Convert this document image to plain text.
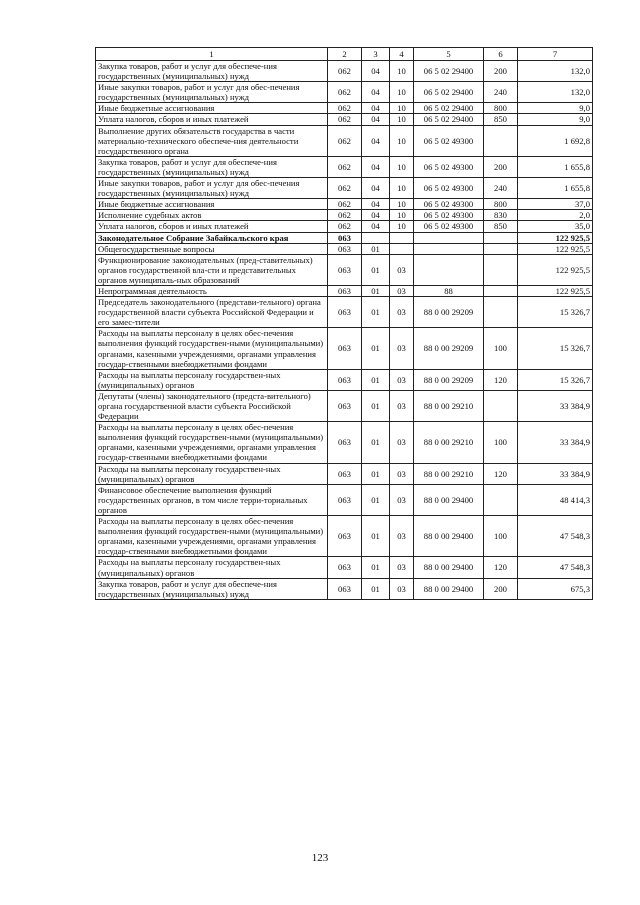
1	2	3	4	5	6	7
Закупка товаров, работ и услуг для обеспече-ния государственных (муниципальных) нужд	062	04	10	06 5 02 29400	200	132,0
Иные закупки товаров, работ и услуг для обес-печения государственных (муниципальных) нужд	062	04	10	06 5 02 29400	240	132,0
Иные бюджетные ассигнования	062	04	10	06 5 02 29400	800	9,0
Уплата налогов, сборов и иных платежей	062	04	10	06 5 02 29400	850	9,0
Выполнение других обязательств государства в части материально-технического обеспече-ния деятельности государственного органа	062	04	10	06 5 02 49300		1 692,8
Закупка товаров, работ и услуг для обеспече-ния государственных (муниципальных) нужд	062	04	10	06 5 02 49300	200	1 655,8
Иные закупки товаров, работ и услуг для обес-печения государственных (муниципальных) нужд	062	04	10	06 5 02 49300	240	1 655,8
Иные бюджетные ассигнования	062	04	10	06 5 02 49300	800	37,0
Исполнение судебных актов	062	04	10	06 5 02 49300	830	2,0
Уплата налогов, сборов и иных платежей	062	04	10	06 5 02 49300	850	35,0
Законодательное Собрание Забайкальского края	063					122 925,5
Общегосударственные вопросы	063	01				122 925,5
Функционирование законодательных (пред-ставительных) органов государственной вла-сти и представительных органов муниципаль-ных образований	063	01	03			122 925,5
Непрограммная деятельность	063	01	03	88		122 925,5
Председатель законодательного (представи-тельного) органа государственной власти субъекта Российской Федерации и его замес-тители	063	01	03	88 0 00 29209		15 326,7
Расходы на выплаты персоналу в целях обес-печения выполнения функций государствен-ными (муниципальными) органами, казенными учреждениями, органами управления государ-ственными внебюджетными фондами	063	01	03	88 0 00 29209	100	15 326,7
Расходы на выплаты персоналу государствен-ных (муниципальных) органов	063	01	03	88 0 00 29209	120	15 326,7
Депутаты (члены) законодательного (предста-вительного) органа государственной власти субъекта Российской Федерации	063	01	03	88 0 00 29210		33 384,9
Расходы на выплаты персоналу в целях обес-печения выполнения функций государствен-ными (муниципальными) органами, казенными учреждениями, органами управления государ-ственными внебюджетными фондами	063	01	03	88 0 00 29210	100	33 384,9
Расходы на выплаты персоналу государствен-ных (муниципальных) органов	063	01	03	88 0 00 29210	120	33 384,9
Финансовое обеспечение выполнения функций государственных органов, в том числе терри-ториальных органов	063	01	03	88 0 00 29400		48 414,3
Расходы на выплаты персоналу в целях обес-печения выполнения функций государствен-ными (муниципальными) органами, казенными учреждениями, органами управления государ-ственными внебюджетными фондами	063	01	03	88 0 00 29400	100	47 548,3
Расходы на выплаты персоналу государствен-ных (муниципальных) органов	063	01	03	88 0 00 29400	120	47 548,3
Закупка товаров, работ и услуг для обеспече-ния государственных (муниципальных) нужд	063	01	03	88 0 00 29400	200	675,3
123
